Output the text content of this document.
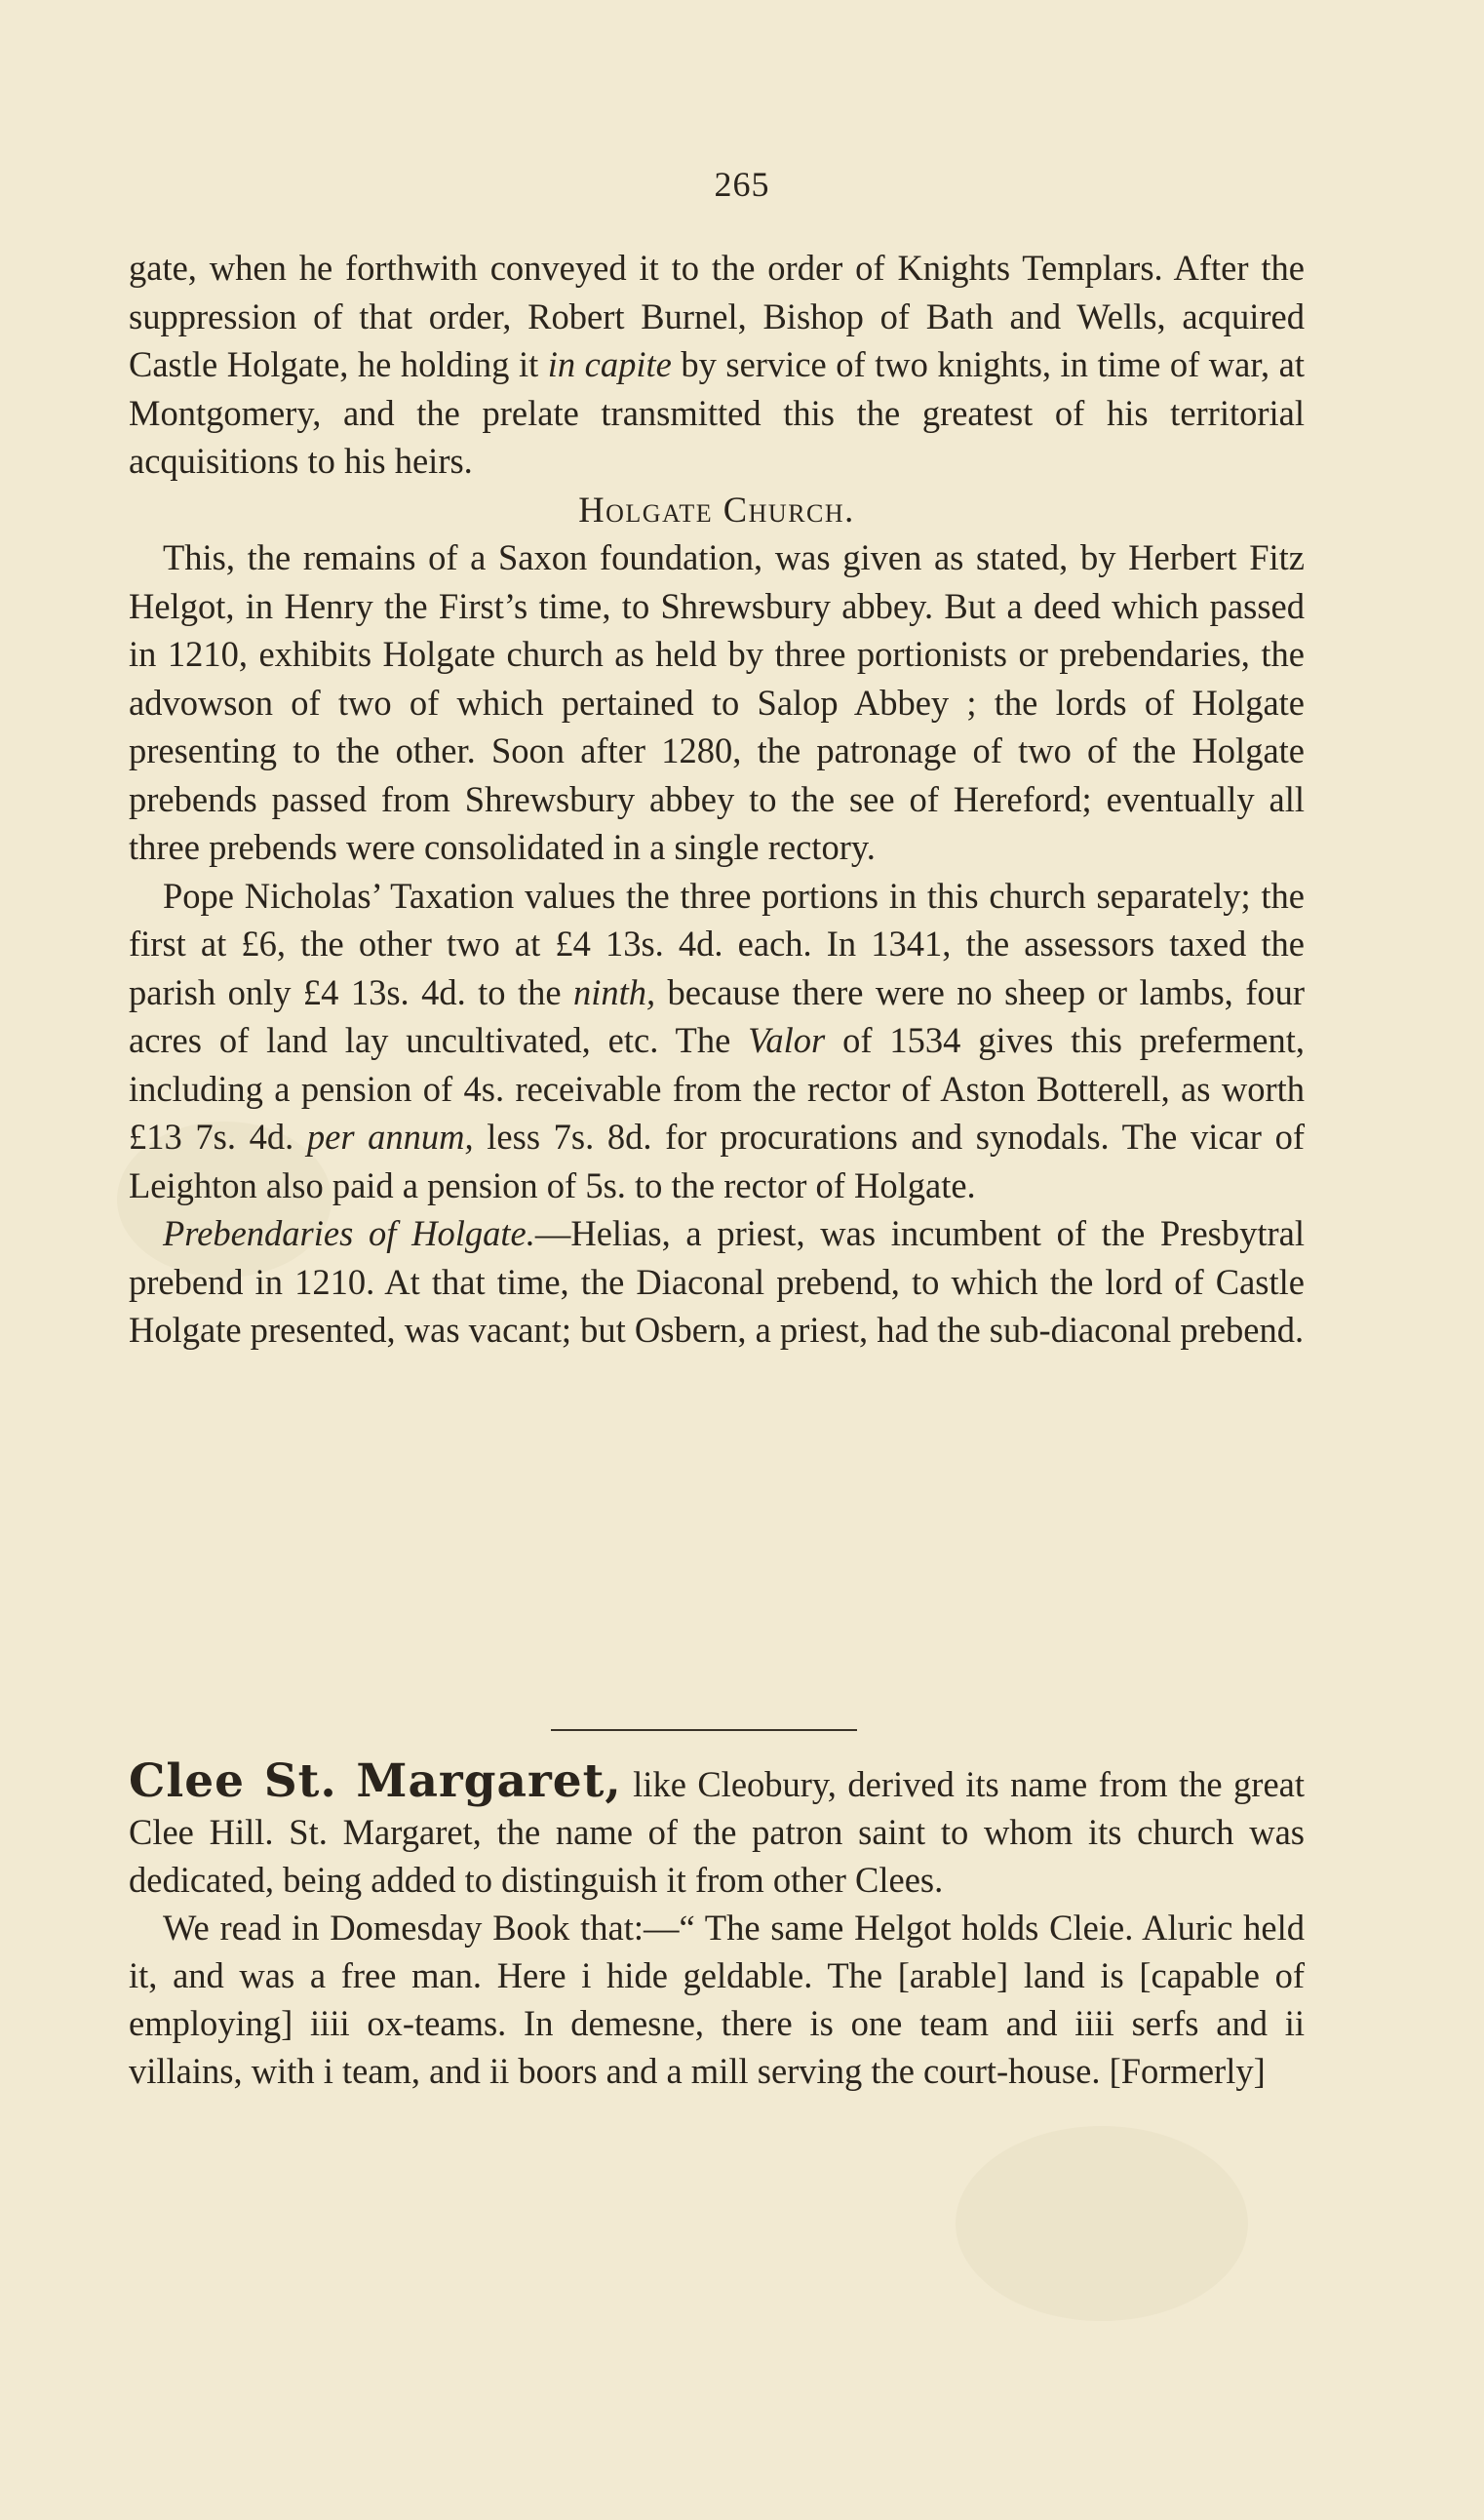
265

gate, when he forthwith conveyed it to the order of Knights Templars. After the suppression of that order, Robert Burnel, Bishop of Bath and Wells, acquired Castle Holgate, he holding it in capite by service of two knights, in time of war, at Montgomery, and the prelate transmitted this the greatest of his territorial acquisitions to his heirs.

Holgate Church.

This, the remains of a Saxon foundation, was given as stated, by Herbert Fitz Helgot, in Henry the First’s time, to Shrewsbury abbey. But a deed which passed in 1210, exhibits Holgate church as held by three portionists or prebendaries, the advowson of two of which pertained to Salop Abbey ; the lords of Holgate presenting to the other. Soon after 1280, the patronage of two of the Holgate prebends passed from Shrewsbury abbey to the see of Hereford; eventually all three prebends were consolidated in a single rectory.

Pope Nicholas’ Taxation values the three portions in this church separately; the first at £6, the other two at £4 13s. 4d. each. In 1341, the assessors taxed the parish only £4 13s. 4d. to the ninth, because there were no sheep or lambs, four acres of land lay uncultivated, etc. The Valor of 1534 gives this preferment, including a pension of 4s. receivable from the rector of Aston Botterell, as worth £13 7s. 4d. per annum, less 7s. 8d. for procurations and synodals. The vicar of Leighton also paid a pension of 5s. to the rector of Holgate.

Prebendaries of Holgate.—Helias, a priest, was incumbent of the Presbytral prebend in 1210. At that time, the Diaconal prebend, to which the lord of Castle Holgate presented, was vacant; but Osbern, a priest, had the sub-diaconal prebend.

Clee St. Margaret, like Cleobury, derived its name from the great Clee Hill. St. Margaret, the name of the patron saint to whom its church was dedicated, being added to distinguish it from other Clees.

We read in Domesday Book that:—“ The same Helgot holds Cleie. Aluric held it, and was a free man. Here i hide geldable. The [arable] land is [capable of employing] iiii ox-teams. In demesne, there is one team and iiii serfs and ii villains, with i team, and ii boors and a mill serving the court-house. [Formerly]
